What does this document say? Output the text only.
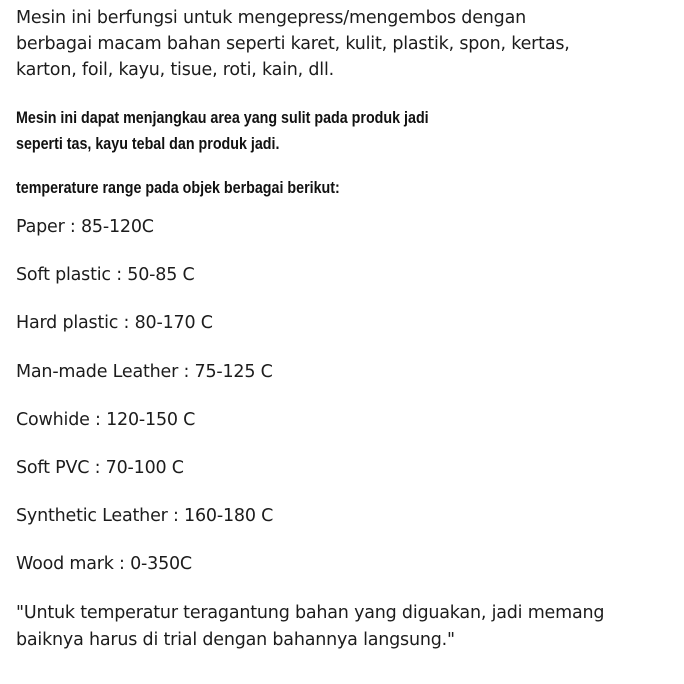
Mesin ini berfungsi untuk mengepress/mengembos dengan
berbagai macam bahan seperti karet, kulit, plastik, spon, kertas,
karton, foil, kayu, tisue, roti, kain, dll.

Mesin ini dapat menjangkau area yang sulit pada produk jadi
seperti tas, kayu tebal dan produk jadi.

temperature range pada objek berbagai berikut:

Paper : 85-120C
Soft plastic : 50-85 C
Hard plastic : 80-170 C
Man-made Leather : 75-125 C
Cowhide : 120-150 C
Soft PVC : 70-100 C
Synthetic Leather : 160-180 C
Wood mark : 0-350C

"Untuk temperatur teragantung bahan yang diguakan, jadi memang
baiknya harus di trial dengan bahannya langsung."
